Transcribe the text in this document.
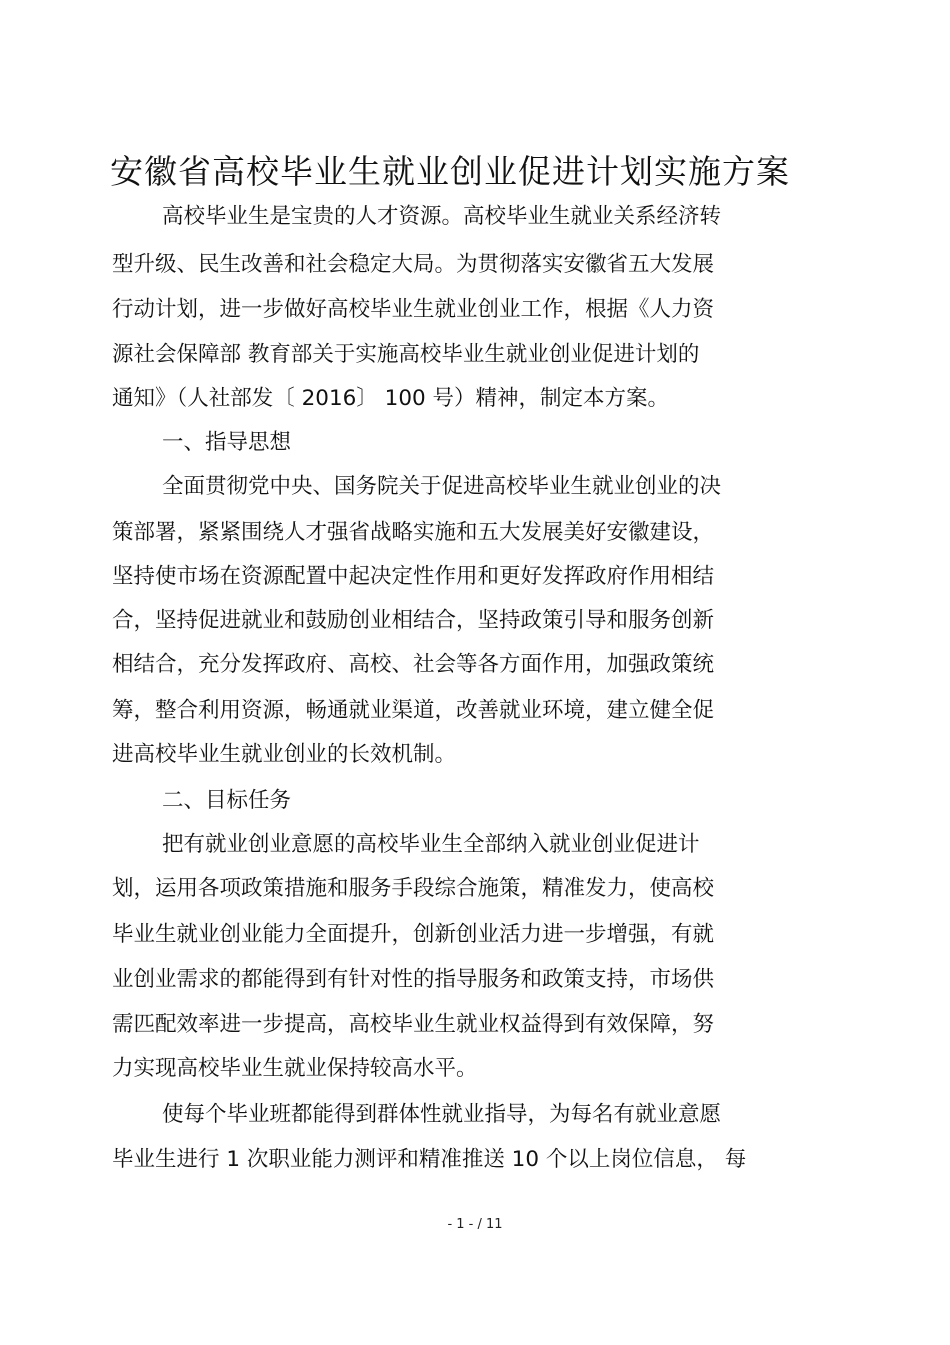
安徽省高校毕业生就业创业促进计划实施方案
高校毕业生是宝贵的人才资源。高校毕业生就业关系经济转
型升级、民生改善和社会稳定大局。为贯彻落实安徽省五大发展
行动计划，进一步做好高校毕业生就业创业工作，根据《人力资
源社会保障部 教育部关于实施高校毕业生就业创业促进计划的
通知》（人社部发〔 2016〕 100 号）精神，制定本方案。
一、指导思想
全面贯彻党中央、国务院关于促进高校毕业生就业创业的决
策部署，紧紧围绕人才强省战略实施和五大发展美好安徽建设，
坚持使市场在资源配置中起决定性作用和更好发挥政府作用相结
合，坚持促进就业和鼓励创业相结合，坚持政策引导和服务创新
相结合，充分发挥政府、高校、社会等各方面作用，加强政策统
筹，整合利用资源，畅通就业渠道，改善就业环境，建立健全促
进高校毕业生就业创业的长效机制。
二、目标任务
把有就业创业意愿的高校毕业生全部纳入就业创业促进计
划，运用各项政策措施和服务手段综合施策，精准发力，使高校
毕业生就业创业能力全面提升，创新创业活力进一步增强，有就
业创业需求的都能得到有针对性的指导服务和政策支持，市场供
需匹配效率进一步提高，高校毕业生就业权益得到有效保障，努
力实现高校毕业生就业保持较高水平。
使每个毕业班都能得到群体性就业指导，为每名有就业意愿
毕业生进行 1 次职业能力测评和精准推送 10 个以上岗位信息， 每
- 1 - / 11
